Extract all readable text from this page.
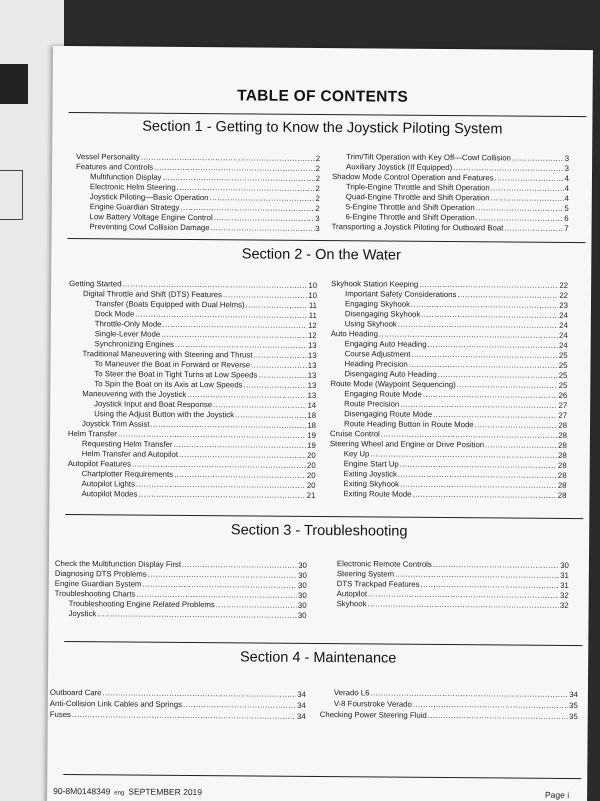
TABLE OF CONTENTS
Section 1 - Getting to Know the Joystick Piloting System
Vessel Personality .....	2
Features and Controls .....	2
Multifunction Display .....	2
Electronic Helm Steering .....	2
Joystick Piloting—Basic Operation .....	2
Engine Guardian Strategy .....	2
Low Battery Voltage Engine Control .....	3
Preventing Cowl Collision Damage .....	3
Trim/Tilt Operation with Key Off—Cowl Collision .....	3
Auxiliary Joystick (If Equipped) .....	3
Shadow Mode Control Operation and Features .....	4
Triple-Engine Throttle and Shift Operation .....	4
Quad-Engine Throttle and Shift Operation .....	4
5-Engine Throttle and Shift Operation .....	5
6-Engine Throttle and Shift Operation .....	6
Transporting a Joystick Piloting for Outboard Boat .....	7
Section 2 - On the Water
Getting Started .....	10
Digital Throttle and Shift (DTS) Features .....	10
Transfer (Boats Equipped with Dual Helms) .....	11
Dock Mode .....	11
Throttle-Only Mode .....	12
Single-Lever Mode .....	12
Synchronizing Engines .....	13
Traditional Maneuvering with Steering and Thrust .....	13
To Maneuver the Boat in Forward or Reverse .....	13
To Steer the Boat in Tight Turns at Low Speeds .....	13
To Spin the Boat on its Axis at Low Speeds .....	13
Maneuvering with the Joystick .....	13
Joystick Input and Boat Response .....	14
Using the Adjust Button with the Joystick .....	18
Joystick Trim Assist .....	18
Helm Transfer .....	19
Requesting Helm Transfer .....	19
Helm Transfer and Autopilot .....	20
Autopilot Features .....	20
Chartplotter Requirements .....	20
Autopilot Lights .....	20
Autopilot Modes .....	21
Skyhook Station Keeping .....	22
Important Safety Considerations .....	22
Engaging Skyhook .....	23
Disengaging Skyhook .....	24
Using Skyhook .....	24
Auto Heading .....	24
Engaging Auto Heading .....	24
Course Adjustment .....	25
Heading Precision .....	25
Disengaging Auto Heading .....	25
Route Mode (Waypoint Sequencing) .....	25
Engaging Route Mode .....	26
Route Precision .....	27
Disengaging Route Mode .....	27
Route Heading Button in Route Mode .....	28
Cruise Control .....	28
Steering Wheel and Engine or Drive Position .....	28
Key Up .....	28
Engine Start Up .....	28
Exiting Joystick .....	28
Exiting Skyhook .....	28
Exiting Route Mode .....	28
Section 3 - Troubleshooting
Check the Multifunction Display First .....	30
Diagnosing DTS Problems .....	30
Engine Guardian System .....	30
Troubleshooting Charts .....	30
Troubleshooting Engine Related Problems .....	30
Joystick .....	30
Electronic Remote Controls .....	30
Steering System .....	31
DTS Trackpad Features .....	31
Autopilot .....	32
Skyhook .....	32
Section 4 - Maintenance
Outboard Care .....	34
Anti-Collision Link Cables and Springs .....	34
Fuses .....	34
Verado L6 .....	34
V-8 Fourstroke Verado .....	35
Checking Power Steering Fluid .....	35
90-8M0148349 eng SEPTEMBER 2019	Page i
